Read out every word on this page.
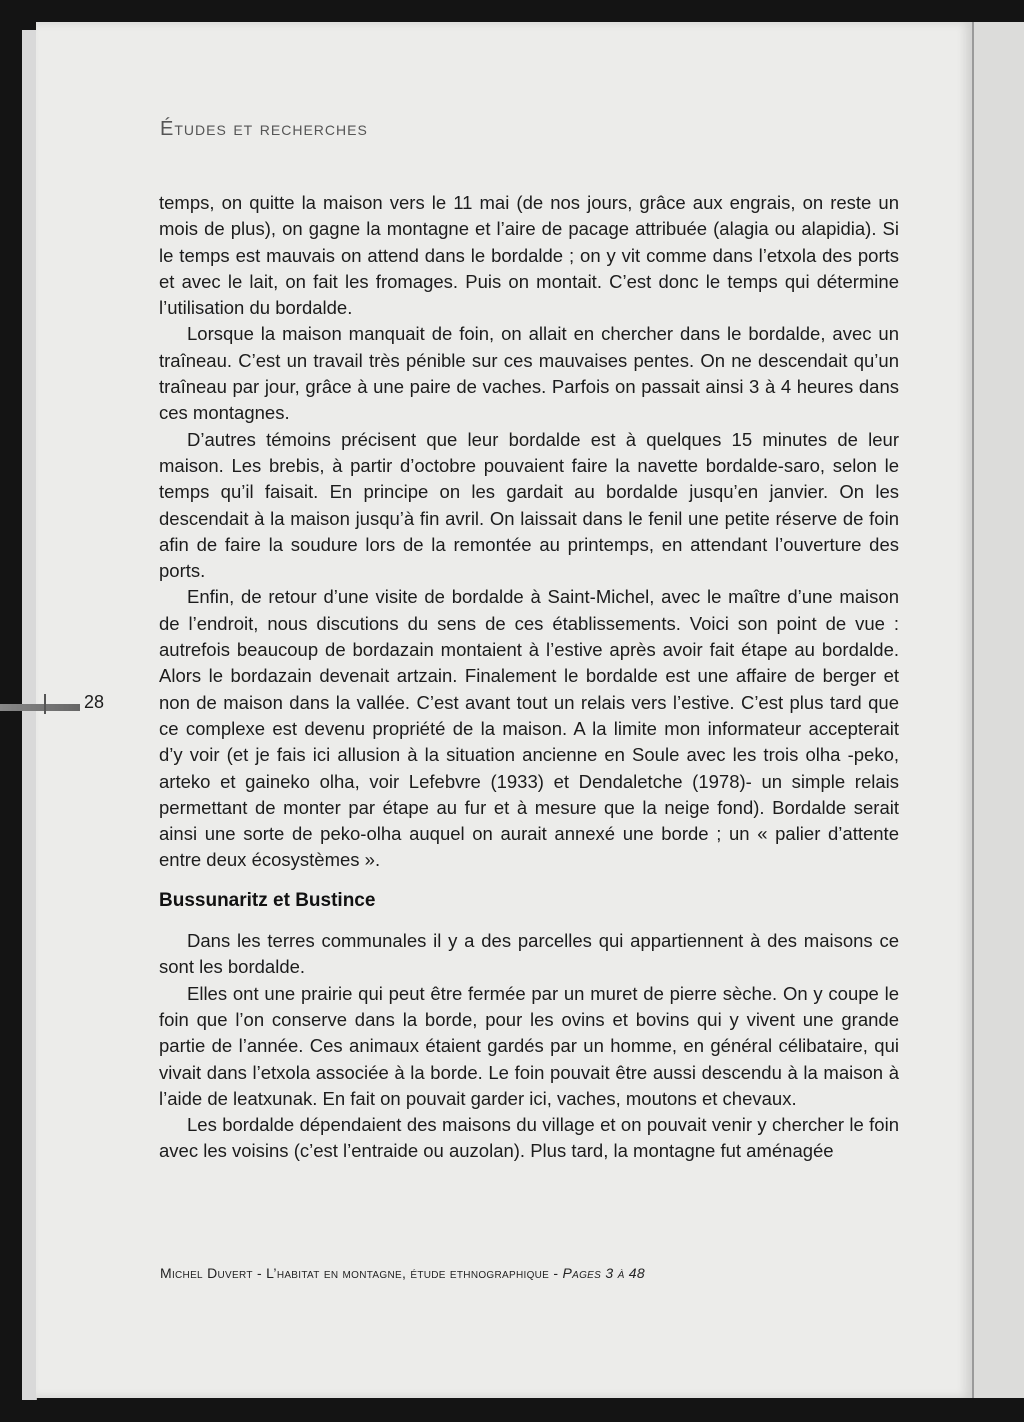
Études et recherches
28

temps, on quitte la maison vers le 11 mai (de nos jours, grâce aux engrais, on reste un mois de plus), on gagne la montagne et l’aire de pacage attribuée (alagia ou alapidia). Si le temps est mauvais on attend dans le bordalde ; on y vit comme dans l’etxola des ports et avec le lait, on fait les fromages. Puis on montait. C’est donc le temps qui détermine l’utilisation du bordalde.

Lorsque la maison manquait de foin, on allait en chercher dans le bordalde, avec un traîneau. C’est un travail très pénible sur ces mauvaises pentes. On ne descendait qu’un traîneau par jour, grâce à une paire de vaches. Parfois on passait ainsi 3 à 4 heures dans ces montagnes.

D’autres témoins précisent que leur bordalde est à quelques 15 minutes de leur maison. Les brebis, à partir d’octobre pouvaient faire la navette bordalde-saro, selon le temps qu’il faisait. En principe on les gardait au bordalde jusqu’en janvier. On les descendait à la maison jusqu’à fin avril. On laissait dans le fenil une petite réserve de foin afin de faire la soudure lors de la remontée au printemps, en attendant l’ouverture des ports.

Enfin, de retour d’une visite de bordalde à Saint-Michel, avec le maître d’une maison de l’endroit, nous discutions du sens de ces établissements. Voici son point de vue : autrefois beaucoup de bordazain montaient à l’estive après avoir fait étape au bordalde. Alors le bordazain devenait artzain. Finalement le bordalde est une affaire de berger et non de maison dans la vallée. C’est avant tout un relais vers l’estive. C’est plus tard que ce complexe est devenu propriété de la maison. A la limite mon informateur accepterait d’y voir (et je fais ici allusion à la situation ancienne en Soule avec les trois olha -peko, arteko et gaineko olha, voir Lefebvre (1933) et Dendaletche (1978)- un simple relais permettant de monter par étape au fur et à mesure que la neige fond). Bordalde serait ainsi une sorte de peko-olha auquel on aurait annexé une borde ; un « palier d’attente entre deux écosystèmes ».

Bussunaritz et Bustince

Dans les terres communales il y a des parcelles qui appartiennent à des maisons ce sont les bordalde.

Elles ont une prairie qui peut être fermée par un muret de pierre sèche. On y coupe le foin que l’on conserve dans la borde, pour les ovins et bovins qui y vivent une grande partie de l’année. Ces animaux étaient gardés par un homme, en général célibataire, qui vivait dans l’etxola associée à la borde. Le foin pouvait être aussi descendu à la maison à l’aide de leatxunak. En fait on pouvait garder ici, vaches, moutons et chevaux.

Les bordalde dépendaient des maisons du village et on pouvait venir y chercher le foin avec les voisins (c’est l’entraide ou auzolan). Plus tard, la montagne fut aménagée

Michel Duvert - L’habitat en montagne, étude ethnographique - Pages 3 à 48
